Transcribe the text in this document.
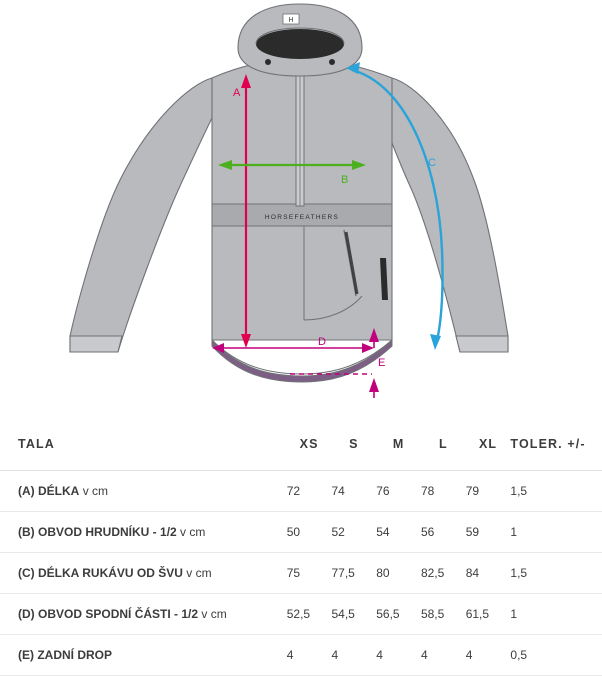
H
HORSEFEATHERS
A
B
C
D
E
TALA	XS	S	M	L	XL	TOLER. +/-
(A) DÉLKA v cm	72	74	76	78	79	1,5
(B) OBVOD HRUDNÍKU - 1/2 v cm	50	52	54	56	59	1
(C) DÉLKA RUKÁVU OD ŠVU v cm	75	77,5	80	82,5	84	1,5
(D) OBVOD SPODNÍ ČÁSTI - 1/2 v cm	52,5	54,5	56,5	58,5	61,5	1
(E) ZADNÍ DROP	4	4	4	4	4	0,5
